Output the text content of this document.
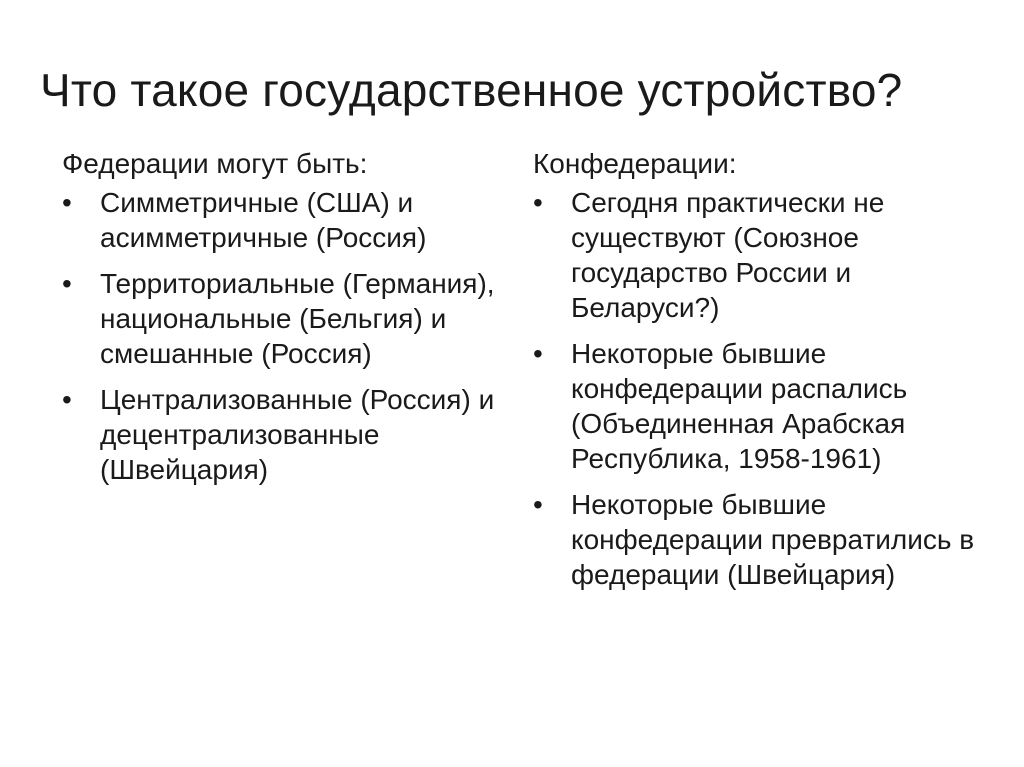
Что такое государственное устройство?
Федерации могут быть:
•	Симметричные (США) и асимметричные (Россия)
•	Территориальные (Германия), национальные (Бельгия) и смешанные (Россия)
•	Централизованные (Россия) и децентрализованные (Швейцария)
Конфедерации:
•	Сегодня практически не существуют (Союзное государство России и Беларуси?)
•	Некоторые бывшие конфедерации распались (Объединенная Арабская Республика, 1958-1961)
•	Некоторые бывшие конфедерации превратились в федерации (Швейцария)
